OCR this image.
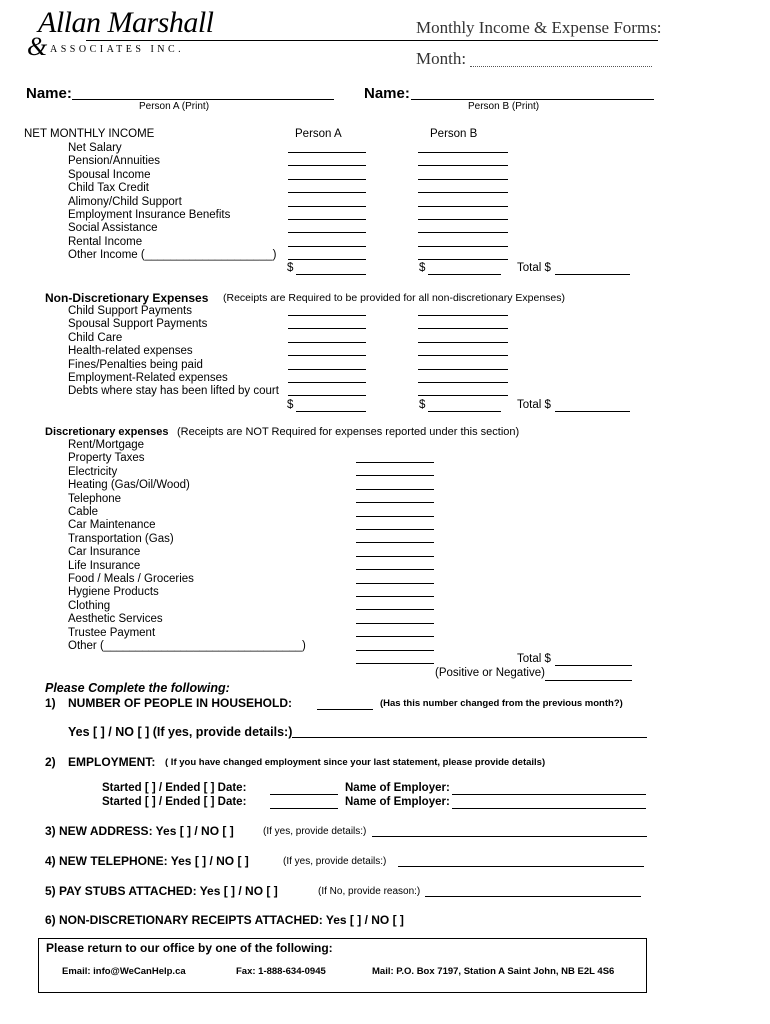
Allan Marshall
& ASSOCIATES INC.
Monthly Income & Expense Forms:
Month:
Name:
Person A (Print)
Name:
Person B (Print)
NET MONTHLY INCOME	Person A	Person B
Net Salary
Pension/Annuities
Spousal Income
Child Tax Credit
Alimony/Child Support
Employment Insurance Benefits
Social Assistance
Rental Income
Other Income (____________________)
$	$	Total $
Non-Discretionary Expenses (Receipts are Required to be provided for all non-discretionary Expenses)
Child Support Payments
Spousal Support Payments
Child Care
Health-related expenses
Fines/Penalties being paid
Employment-Related expenses
Debts where stay has been lifted by court
$	$	Total $
Discretionary expenses (Receipts are NOT Required for expenses reported under this section)
Rent/Mortgage
Property Taxes
Electricity
Heating (Gas/Oil/Wood)
Telephone
Cable
Car Maintenance
Transportation (Gas)
Car Insurance
Life Insurance
Food / Meals / Groceries
Hygiene Products
Clothing
Aesthetic Services
Trustee Payment
Other (_______________________________)
Total $
(Positive or Negative)
Please Complete the following:
1) NUMBER OF PEOPLE IN HOUSEHOLD:	(Has this number changed from the previous month?)
Yes [ ] / NO [ ] (If yes, provide details:)
2) EMPLOYMENT: ( If you have changed employment since your last statement, please provide details)
Started [ ] / Ended [ ] Date:	Name of Employer:
Started [ ] / Ended [ ] Date:	Name of Employer:
3) NEW ADDRESS: Yes [ ] / NO [ ]	(If yes, provide details:)
4) NEW TELEPHONE: Yes [ ] / NO [ ]	(If yes, provide details:)
5) PAY STUBS ATTACHED: Yes [ ] / NO [ ]	(If No, provide reason:)
6) NON-DISCRETIONARY RECEIPTS ATTACHED: Yes [ ] / NO [ ]
Please return to our office by one of the following:
Email: info@WeCanHelp.ca	Fax: 1-888-634-0945	Mail: P.O. Box 7197, Station A Saint John, NB E2L 4S6
